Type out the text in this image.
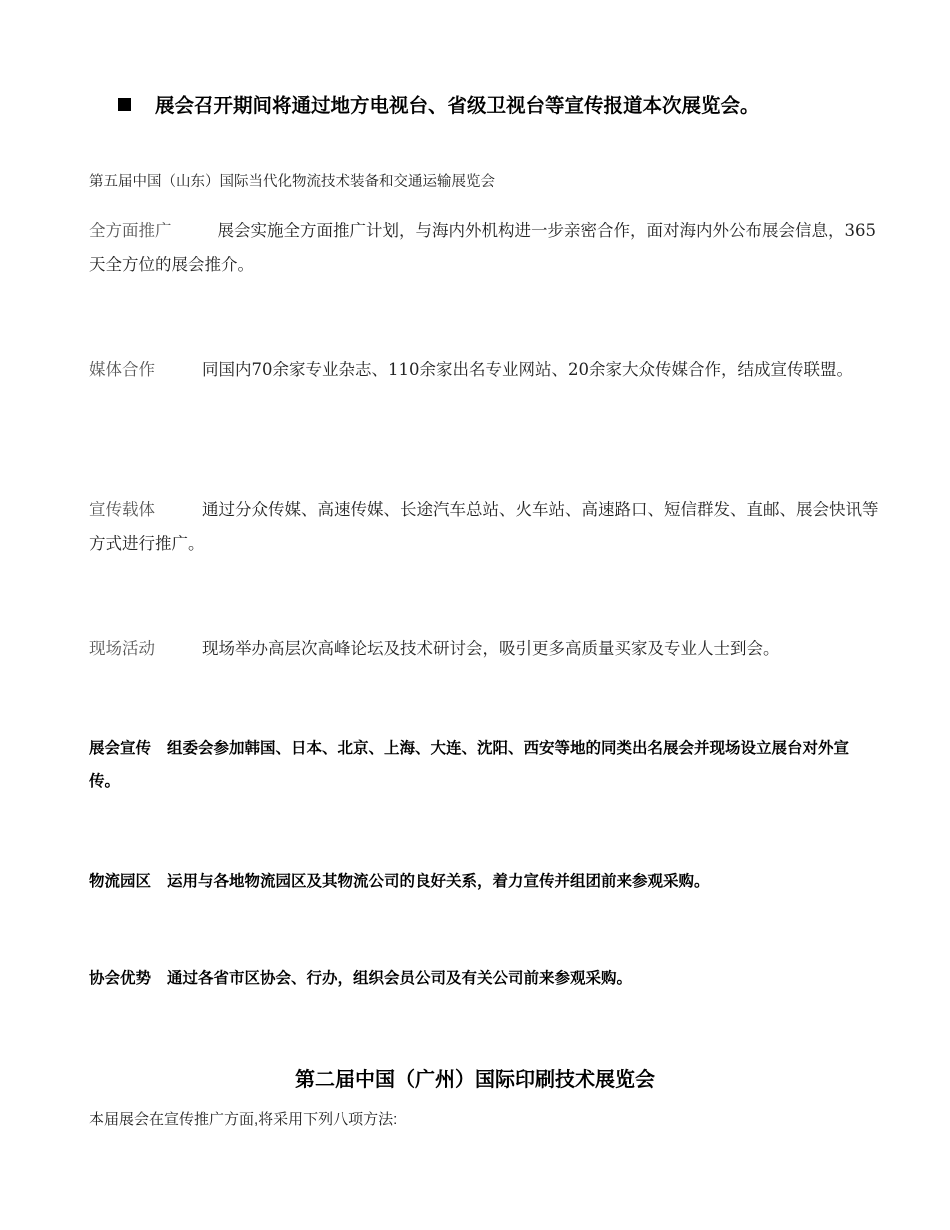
展会召开期间将通过地方电视台、省级卫视台等宣传报道本次展览会。
第五届中国（山东）国际当代化物流技术装备和交通运输展览会
全方面推广	展会实施全方面推广计划，与海内外机构进一步亲密合作，面对海内外公布展会信息，365天全方位的展会推介。
媒体合作	同国内70余家专业杂志、110余家出名专业网站、20余家大众传媒合作，结成宣传联盟。
宣传载体	通过分众传媒、高速传媒、长途汽车总站、火车站、高速路口、短信群发、直邮、展会快讯等方式进行推广。
现场活动	现场举办高层次高峰论坛及技术研讨会，吸引更多高质量买家及专业人士到会。
展会宣传 组委会参加韩国、日本、北京、上海、大连、沈阳、西安等地的同类出名展会并现场设立展台对外宣传。
物流园区 运用与各地物流园区及其物流公司的良好关系，着力宣传并组团前来参观采购。
协会优势 通过各省市区协会、行办，组织会员公司及有关公司前来参观采购。
第二届中国（广州）国际印刷技术展览会
本届展会在宣传推广方面,将采用下列八项方法:
